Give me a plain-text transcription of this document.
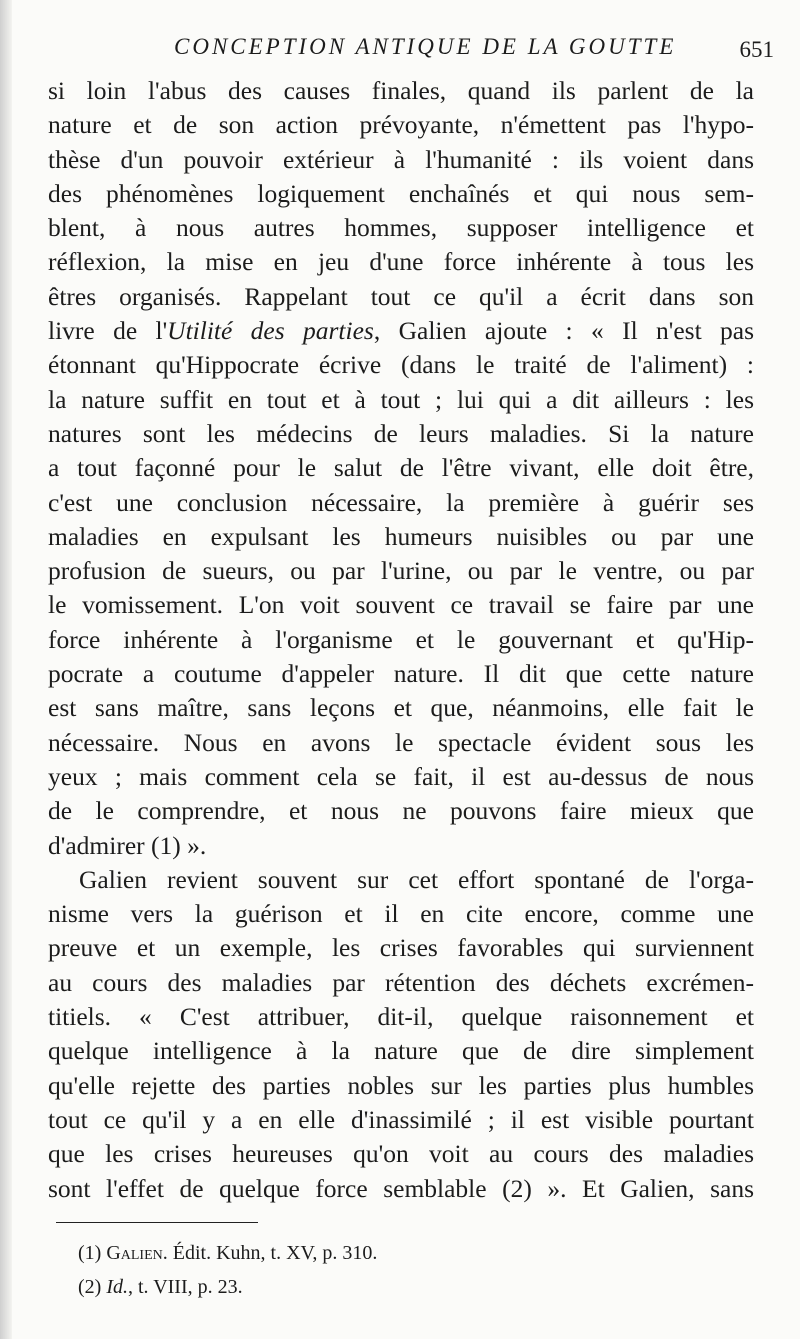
CONCEPTION ANTIQUE DE LA GOUTTE	651
si loin l'abus des causes finales, quand ils parlent de la
nature et de son action prévoyante, n'émettent pas l'hypo-
thèse d'un pouvoir extérieur à l'humanité : ils voient dans
des phénomènes logiquement enchaînés et qui nous sem-
blent, à nous autres hommes, supposer intelligence et
réflexion, la mise en jeu d'une force inhérente à tous les
êtres organisés. Rappelant tout ce qu'il a écrit dans son
livre de l'Utilité des parties, Galien ajoute : « Il n'est pas
étonnant qu'Hippocrate écrive (dans le traité de l'aliment) :
la nature suffit en tout et à tout ; lui qui a dit ailleurs : les
natures sont les médecins de leurs maladies. Si la nature
a tout façonné pour le salut de l'être vivant, elle doit être,
c'est une conclusion nécessaire, la première à guérir ses
maladies en expulsant les humeurs nuisibles ou par une
profusion de sueurs, ou par l'urine, ou par le ventre, ou par
le vomissement. L'on voit souvent ce travail se faire par une
force inhérente à l'organisme et le gouvernant et qu'Hip-
pocrate a coutume d'appeler nature. Il dit que cette nature
est sans maître, sans leçons et que, néanmoins, elle fait le
nécessaire. Nous en avons le spectacle évident sous les
yeux ; mais comment cela se fait, il est au-dessus de nous
de le comprendre, et nous ne pouvons faire mieux que
d'admirer (1) ».
Galien revient souvent sur cet effort spontané de l'orga-
nisme vers la guérison et il en cite encore, comme une
preuve et un exemple, les crises favorables qui surviennent
au cours des maladies par rétention des déchets excrémen-
titiels. « C'est attribuer, dit-il, quelque raisonnement et
quelque intelligence à la nature que de dire simplement
qu'elle rejette des parties nobles sur les parties plus humbles
tout ce qu'il y a en elle d'inassimilé ; il est visible pourtant
que les crises heureuses qu'on voit au cours des maladies
sont l'effet de quelque force semblable (2) ». Et Galien, sans
(1) Galien. Édit. Kuhn, t. XV, p. 310.
(2) Id., t. VIII, p. 23.
